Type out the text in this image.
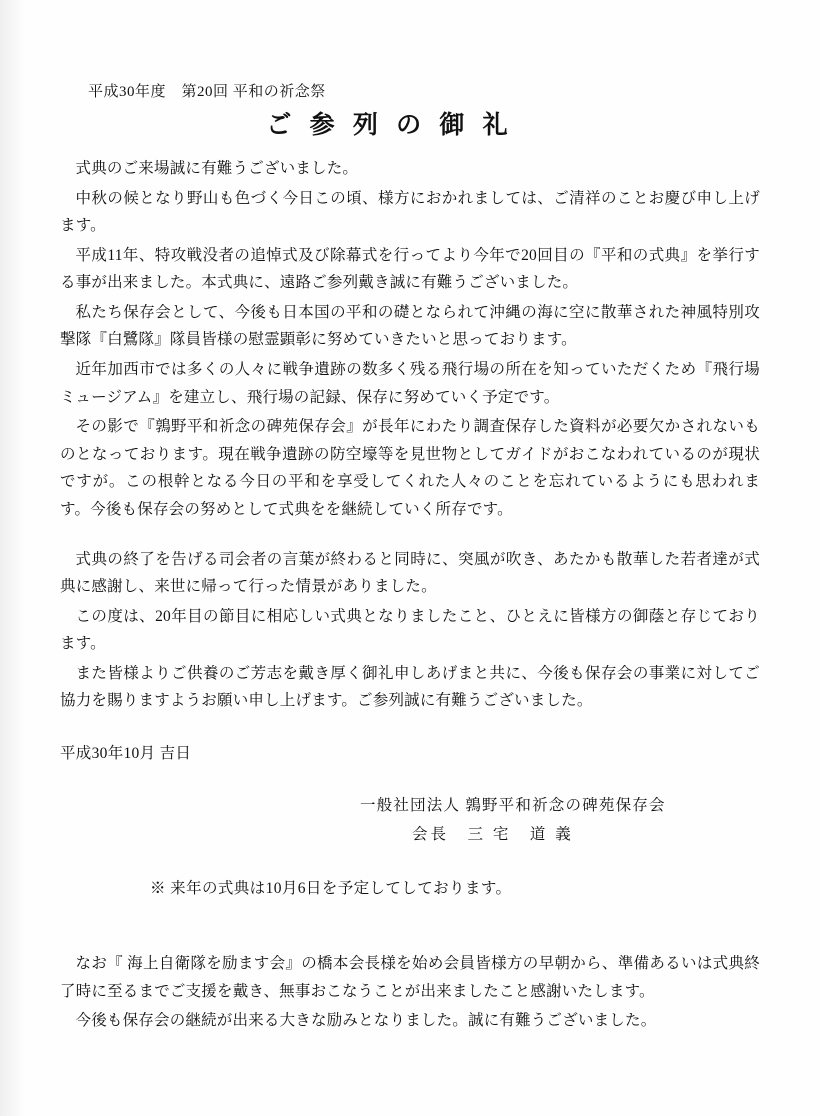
平成30年度　第20回 平和の祈念祭
ご 参 列 の 御 礼

式典のご来場誠に有難うございました。

中秋の候となり野山も色づく今日この頃、様方におかれましては、ご清祥のことお慶び申し上げます。

平成11年、特攻戦没者の追悼式及び除幕式を行ってより今年で20回目の『平和の式典』を挙行する事が出来ました。本式典に、遠路ご参列戴き誠に有難うございました。

私たち保存会として、今後も日本国の平和の礎となられて沖縄の海に空に散華された神風特別攻撃隊『白鷺隊』隊員皆様の慰霊顕彰に努めていきたいと思っております。

近年加西市では多くの人々に戦争遺跡の数多く残る飛行場の所在を知っていただくため『飛行場ミュージアム』を建立し、飛行場の記録、保存に努めていく予定です。

その影で『鶉野平和祈念の碑苑保存会』が長年にわたり調査保存した資料が必要欠かされないものとなっております。現在戦争遺跡の防空壕等を見世物としてガイドがおこなわれているのが現状ですが。この根幹となる今日の平和を享受してくれた人々のことを忘れているようにも思われます。今後も保存会の努めとして式典をを継続していく所存です。

式典の終了を告げる司会者の言葉が終わると同時に、突風が吹き、あたかも散華した若者達が式典に感謝し、来世に帰って行った情景がありました。

この度は、20年目の節目に相応しい式典となりましたこと、ひとえに皆様方の御蔭と存じております。

また皆様よりご供養のご芳志を戴き厚く御礼申しあげまと共に、今後も保存会の事業に対してご協力を賜りますようお願い申し上げます。ご参列誠に有難うございました。

平成30年10月 吉日
一般社団法人 鶉野平和祈念の碑苑保存会
会長　三 宅　道 義
※ 来年の式典は10月6日を予定してしております。

なお『 海上自衛隊を励ます会』の橋本会長様を始め会員皆様方の早朝から、準備あるいは式典終了時に至るまでご支援を戴き、無事おこなうことが出来ましたこと感謝いたします。

今後も保存会の継続が出来る大きな励みとなりました。誠に有難うございました。
